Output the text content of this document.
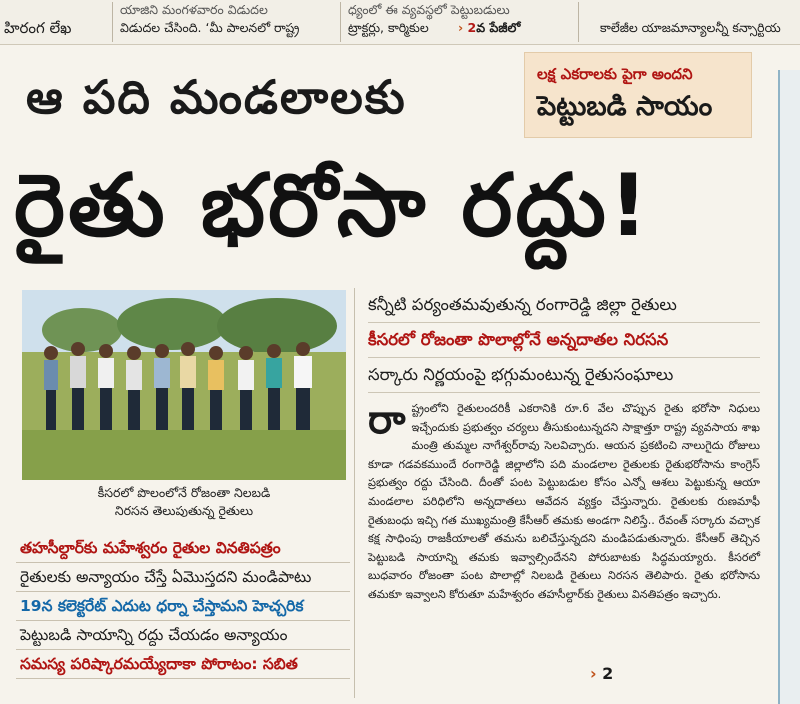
హిరంగ లేఖ
యాజిని మంగళవారం విడుదల
విడుదల చేసింది. ‘మీ పాలనలో రాష్ట్ర
ధ్యంలో ఈ వ్యవస్థలో పెట్టుబడులు
ట్రాక్టర్లు, కార్మికుల › 2వ పేజీలో	కాలేజీల యాజమాన్యాలన్నీ కన్సార్టియ
ఆ పది మండలాలకు	లక్ష ఎకరాలకు పైగా అందని
పెట్టుబడి సాయం
రైతు భరోసా రద్దు!
కీసరలో పొలంలోనే రోజంతా నిలబడి
నిరసన తెలుపుతున్న రైతులు
తహసీల్దార్‌కు మహేశ్వరం రైతుల వినతిపత్రం
రైతులకు అన్యాయం చేస్తే ఏమొస్తదని మండిపాటు
19న కలెక్టరేట్ ఎదుట ధర్నా చేస్తామని హెచ్చరిక
పెట్టుబడి సాయాన్ని రద్దు చేయడం అన్యాయం
సమస్య పరిష్కారమయ్యేదాకా పోరాటం: సబిత
కన్నీటి పర్యంతమవుతున్న రంగారెడ్డి జిల్లా రైతులు
కీసరలో రోజంతా పొలాల్లోనే అన్నదాతల నిరసన
సర్కారు నిర్ణయంపై భగ్గుమంటున్న రైతుసంఘాలు
రా ష్ట్రంలోని రైతులందరికీ ఎకరానికి రూ.6 వేల చొప్పున రైతు భరోసా నిధులు ఇచ్చేందుకు ప్రభుత్వం చర్యలు తీసుకుంటున్నదని సాక్షాత్తూ రాష్ట్ర వ్యవసాయ శాఖ మంత్రి తుమ్మల నాగేశ్వర్‌రావు సెలవిచ్చారు. ఆయన ప్రకటించి నాలుగైదు రోజులు కూడా గడవకముందే రంగారెడ్డి జిల్లాలోని పది మండలాల రైతులకు రైతుభరోసాను కాంగ్రెస్ ప్రభుత్వం రద్దు చేసింది. దీంతో పంట పెట్టుబడుల కోసం ఎన్నో ఆశలు పెట్టుకున్న ఆయా మండలాల పరిధిలోని అన్నదాతలు ఆవేదన వ్యక్తం చేస్తున్నారు. రైతులకు రుణమాఫీ రైతుబంధు ఇచ్చి గత ముఖ్యమంత్రి కేసీఆర్ తమకు అండగా నిలిస్తే.. రేవంత్ సర్కారు వచ్చాక కక్ష సాధింపు రాజకీయాలతో తమను బలిచేస్తున్నదని మండిపడుతున్నారు. కేసీఆర్ తెచ్చిన పెట్టుబడి సాయాన్ని తమకు ఇవ్వాల్సిందేనని పోరుబాటకు సిద్ధమయ్యారు. కీసరలో బుధవారం రోజంతా పంట పొలాల్లో నిలబడి రైతులు నిరసన తెలిపారు. రైతు భరోసాను తమకూ ఇవ్వాలని కోరుతూ మహేశ్వరం తహసీల్దార్‌కు రైతులు వినతిపత్రం ఇచ్చారు.

› 2
